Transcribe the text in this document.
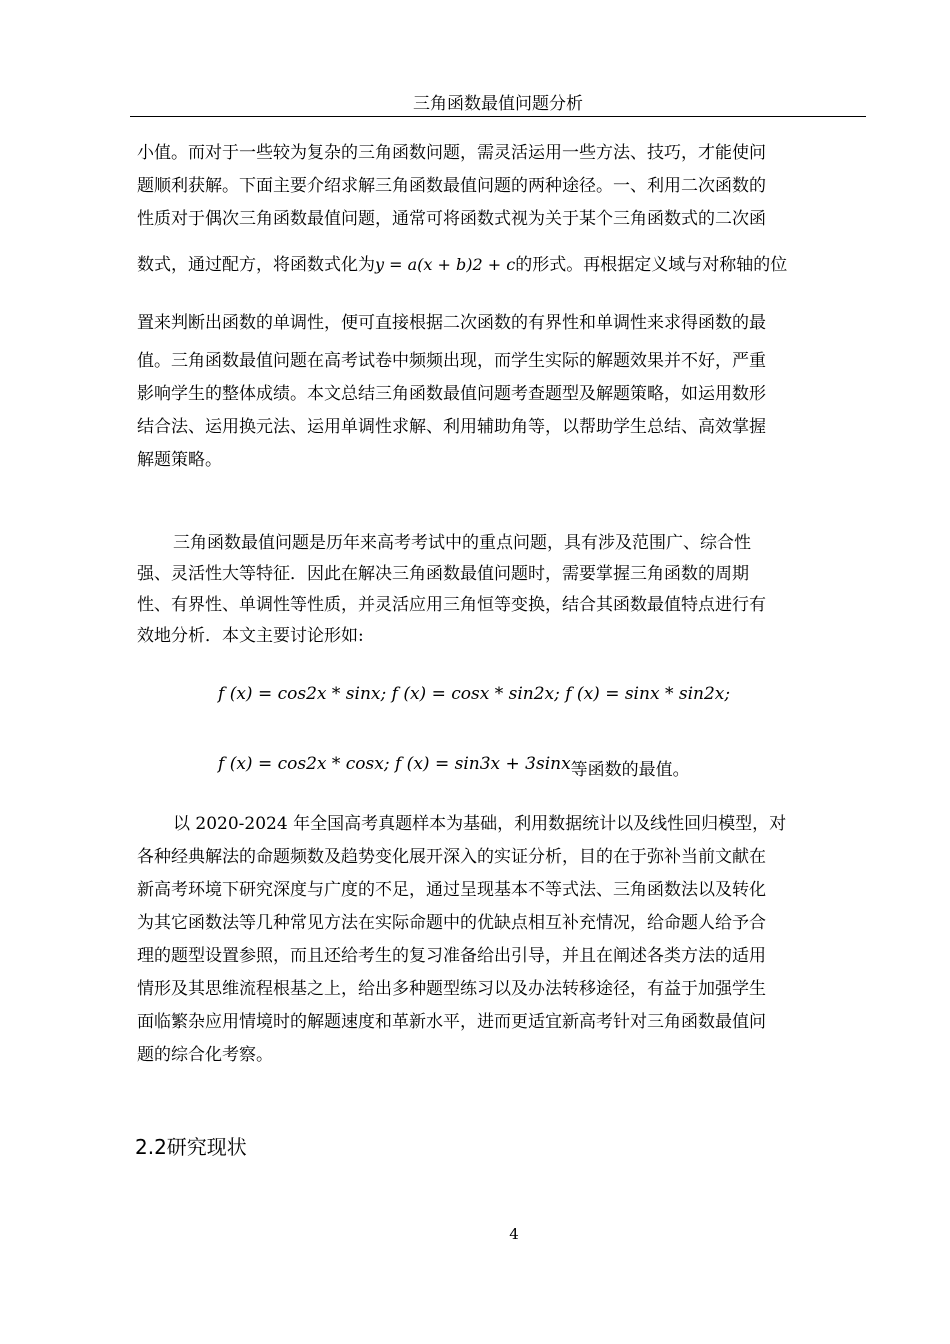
三角函数最值问题分析
小值。而对于一些较为复杂的三角函数问题，需灵活运用一些方法、技巧，才能使问
题顺利获解。下面主要介绍求解三角函数最值问题的两种途径。一、利用二次函数的
性质对于偶次三角函数最值问题，通常可将函数式视为关于某个三角函数式的二次函
数式，通过配方，将函数式化为y = a(x + b)2 + c的形式。再根据定义域与对称轴的位
置来判断出函数的单调性，便可直接根据二次函数的有界性和单调性来求得函数的最
值。三角函数最值问题在高考试卷中频频出现，而学生实际的解题效果并不好，严重
影响学生的整体成绩。本文总结三角函数最值问题考查题型及解题策略，如运用数形
结合法、运用换元法、运用单调性求解、利用辅助角等，以帮助学生总结、高效掌握
解题策略。
三角函数最值问题是历年来高考考试中的重点问题，具有涉及范围广、综合性
强、灵活性大等特征．因此在解决三角函数最值问题时，需要掌握三角函数的周期
性、有界性、单调性等性质，并灵活应用三角恒等变换，结合其函数最值特点进行有
效地分析．本文主要讨论形如:
f (x) = cos2x * sinx; f (x) = cosx * sin2x; f (x) = sinx * sin2x;
f (x) = cos2x * cosx; f (x) = sin3x + 3sinx等函数的最值。
以 2020-2024 年全国高考真题样本为基础，利用数据统计以及线性回归模型，对
各种经典解法的命题频数及趋势变化展开深入的实证分析，目的在于弥补当前文献在
新高考环境下研究深度与广度的不足，通过呈现基本不等式法、三角函数法以及转化
为其它函数法等几种常见方法在实际命题中的优缺点相互补充情况，给命题人给予合
理的题型设置参照，而且还给考生的复习准备给出引导，并且在阐述各类方法的适用
情形及其思维流程根基之上，给出多种题型练习以及办法转移途径，有益于加强学生
面临繁杂应用情境时的解题速度和革新水平，进而更适宜新高考针对三角函数最值问
题的综合化考察。
2.2研究现状
4
